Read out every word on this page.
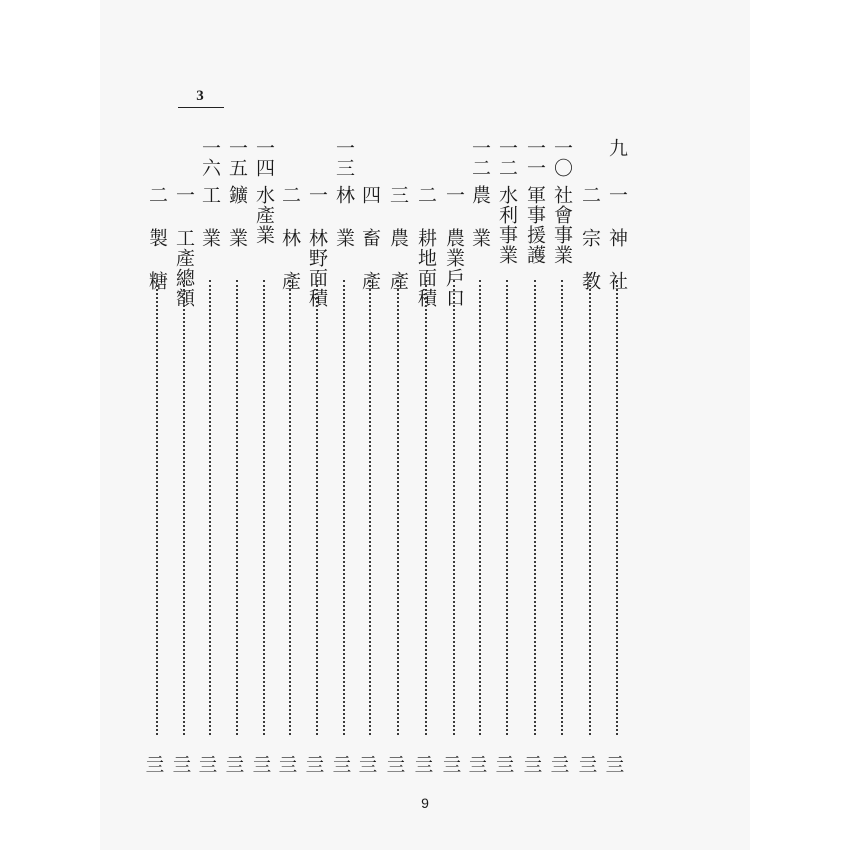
3
九
一 神 社
亖
二 宗 教
亖
一〇
社會事業
亖
一一
軍事援護
亖
一二
水利事業
亖
一二
農 業
亖
一 農業戶口
亖
二 耕地面積
亖
三 農 產
亖
四 畜 產
亖
一三
林 業
亖
一 林野面積
亖
二 林 產
亖
一四
水產業
亖
一五
鑛 業
亖
一六
工 業
亖
一 工產總額
亖
二 製 糖
亖
9
